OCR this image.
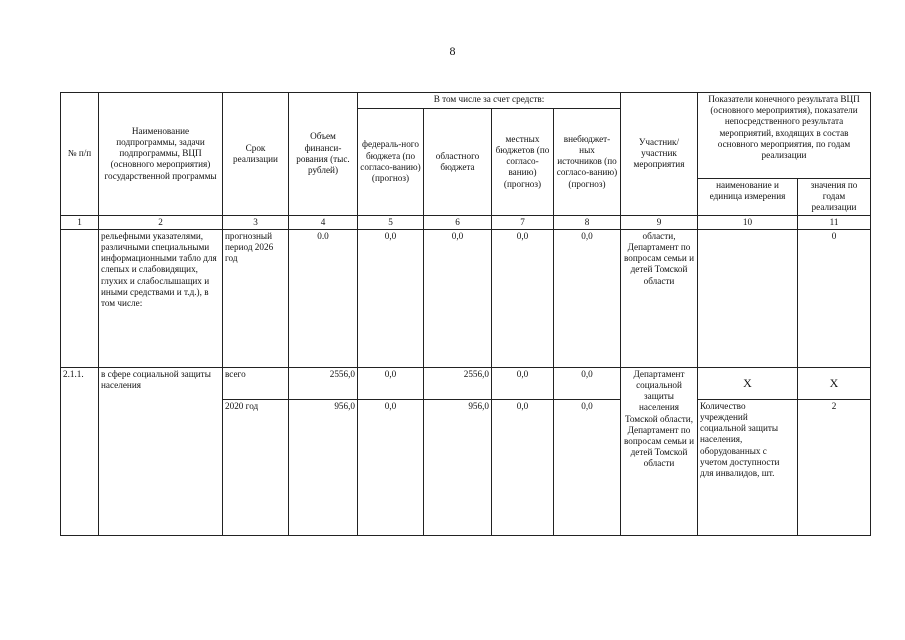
8
№ п/п	Наименование подпрограммы, задачи подпрограммы, ВЦП (основного мероприятия) государственной программы	Срок реализации	Объем финанси-рования (тыс. рублей)	В том числе за счет средств:				Участник/ участник мероприятия	Показатели конечного результата ВЦП (основного мероприятия), показатели непосредственного результата мероприятий, входящих в состав основного мероприятия, по годам реализации	
				федераль-ного бюджета (по согласо-ванию) (прогноз)	областного бюджета	местных бюджетов (по согласо-ванию) (прогноз)	внебюджет-ных источников (по согласо-ванию) (прогноз)			
									наименование и единица измерения	значения по годам реализации
1	2	3	4	5	6	7	8	9	10	11
	рельефными указателями, различными специальными информационными табло для слепых и слабовидящих, глухих и слабослышащих и иными средствами и т.д.), в том числе:	прогнозный период 2026 год	0.0	0,0	0,0	0,0	0,0	области, Департамент по вопросам семьи и детей Томской области		0
2.1.1.	в сфере социальной защиты населения	всего	2556,0	0,0	2556,0	0,0	0,0	Департамент социальной защиты населения Томской области, Департамент по вопросам семьи и детей Томской области	Х	Х
		2020 год	956,0	0,0	956,0	0,0	0,0		Количество учреждений социальной защиты населения, оборудованных с учетом доступности для инвалидов, шт.	2
